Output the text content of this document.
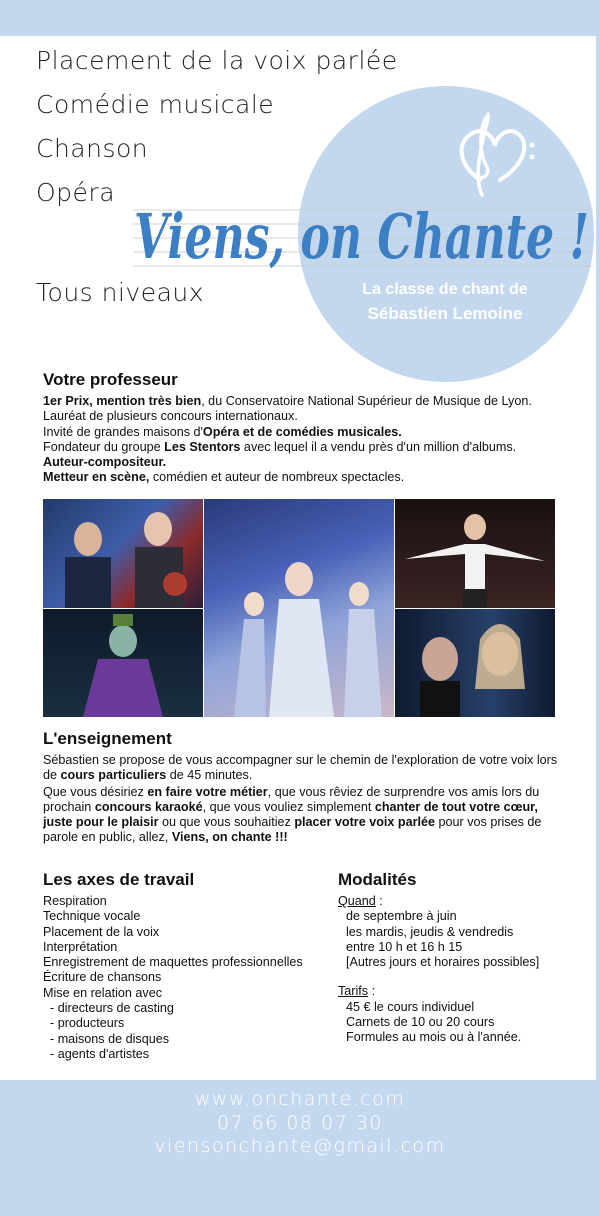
Placement de la voix parlée

Comédie musicale

Chanson

Opéra

Tous niveaux

Viens, on Chante !

La classe de chant de

Sébastien Lemoine

Votre professeur

1er Prix, mention très bien, du Conservatoire National Supérieur de Musique de Lyon.

Lauréat de plusieurs concours internationaux.

Invité de grandes maisons d'Opéra et de comédies musicales.

Fondateur du groupe Les Stentors avec lequel il a vendu près d'un million d'albums.

Auteur-compositeur.

Metteur en scène, comédien et auteur de nombreux spectacles.

L'enseignement

Sébastien se propose de vous accompagner sur le chemin de l'exploration de votre voix lors de cours particuliers de 45 minutes.

Que vous désiriez en faire votre métier, que vous rêviez de surprendre vos amis lors du prochain concours karaoké, que vous vouliez simplement chanter de tout votre cœur, juste pour le plaisir ou que vous souhaitiez placer votre voix parlée pour vos prises de parole en public, allez, Viens, on chante !!!

Les axes de travail
Respiration
Technique vocale
Placement de la voix
Interprétation
Enregistrement de maquettes professionnelles
Écriture de chansons
Mise en relation avec
- directeurs de casting
- producteurs
- maisons de disques
- agents d'artistes
Modalités
Quand :
de septembre à juin
les mardis, jeudis & vendredis
entre 10 h et 16 h 15
[Autres jours et horaires possibles]
Tarifs :
45 € le cours individuel
Carnets de 10 ou 20 cours
Formules au mois ou à l'année.

www.onchante.com

07 66 08 07 30

viensonchante@gmail.com
